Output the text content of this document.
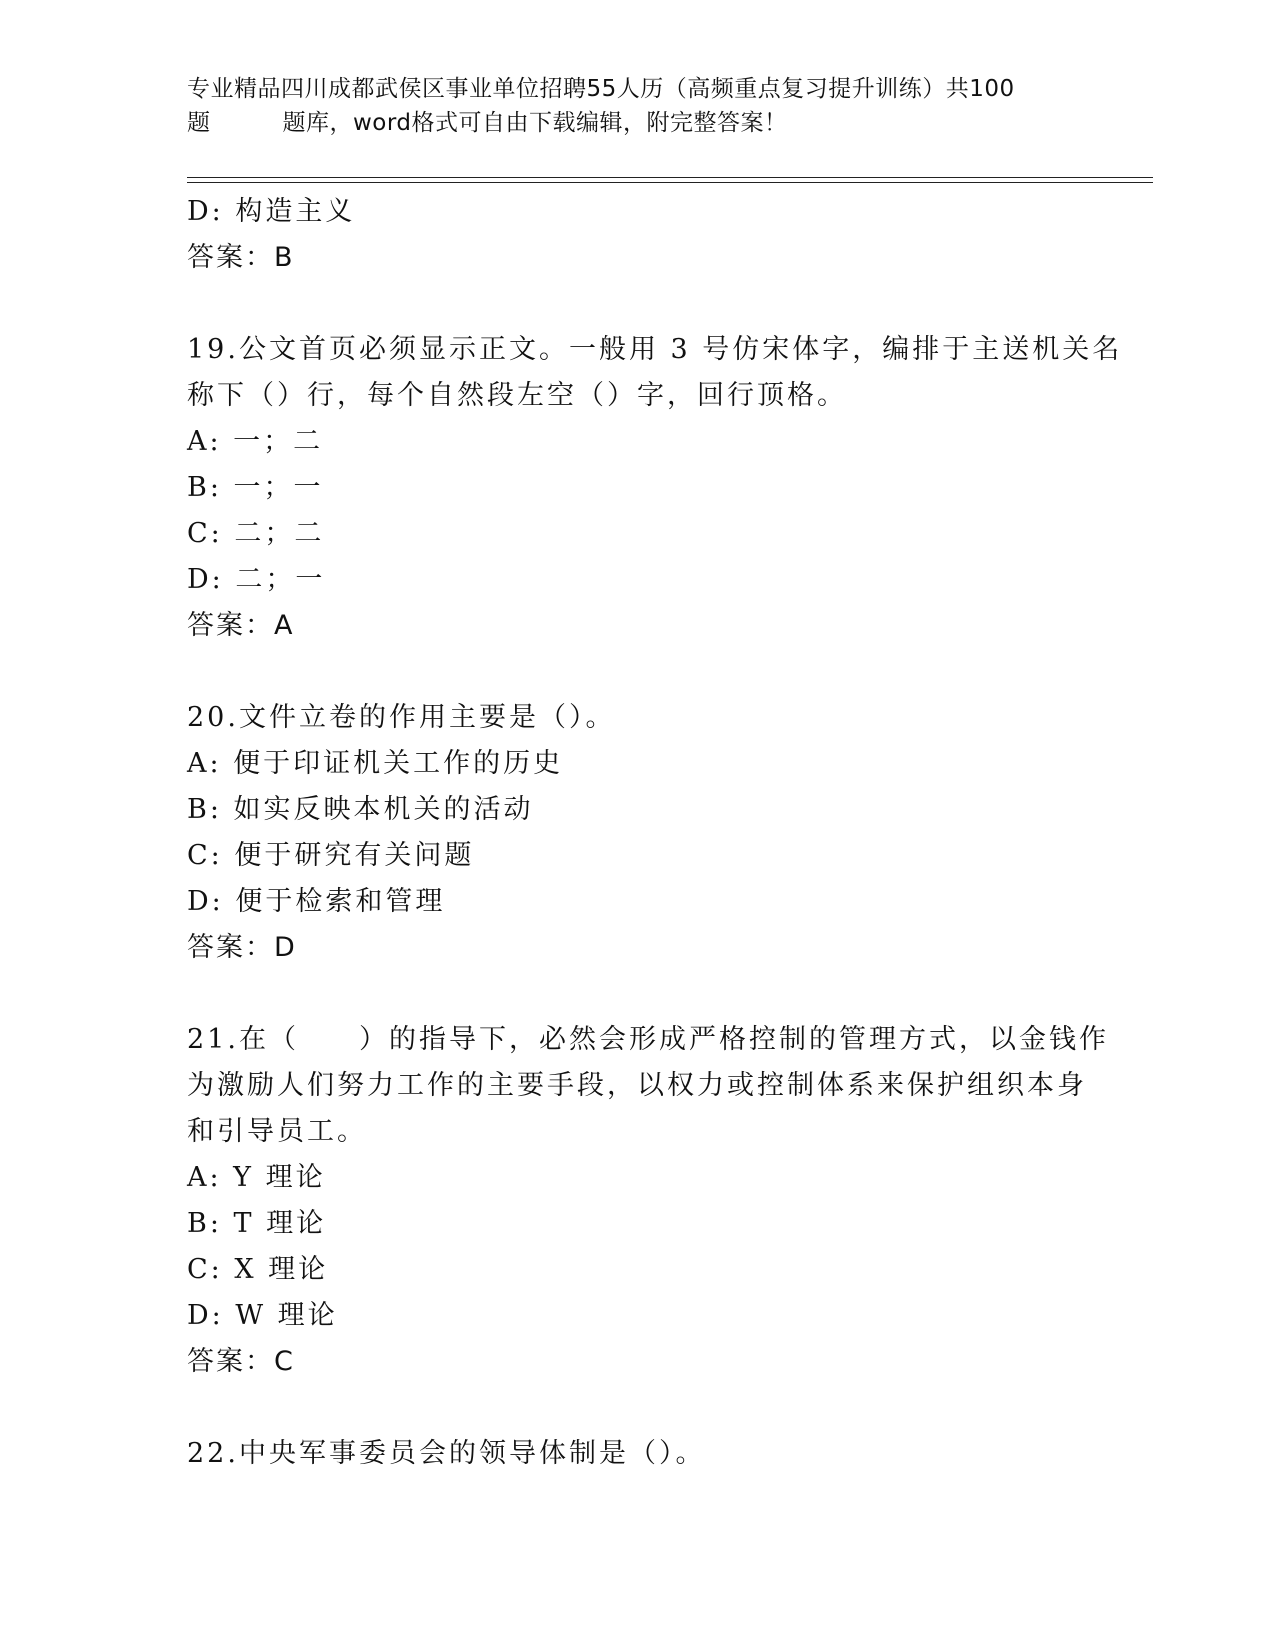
专业精品四川成都武侯区事业单位招聘55人历（高频重点复习提升训练）共100
题	题库，word格式可自由下载编辑，附完整答案！
D: 构造主义
答案：B
19.公文首页必须显示正文。一般用 3 号仿宋体字，编排于主送机关名
称下（）行，每个自然段左空（）字，回行顶格。
A: 一；二
B: 一；一
C: 二；二
D: 二；一
答案：A
20.文件立卷的作用主要是（）。
A: 便于印证机关工作的历史
B: 如实反映本机关的活动
C: 便于研究有关问题
D: 便于检索和管理
答案：D
21.在（　　）的指导下，必然会形成严格控制的管理方式，以金钱作
为激励人们努力工作的主要手段，以权力或控制体系来保护组织本身
和引导员工。
A: Y 理论
B: T 理论
C: X 理论
D: W 理论
答案：C
22.中央军事委员会的领导体制是（）。
